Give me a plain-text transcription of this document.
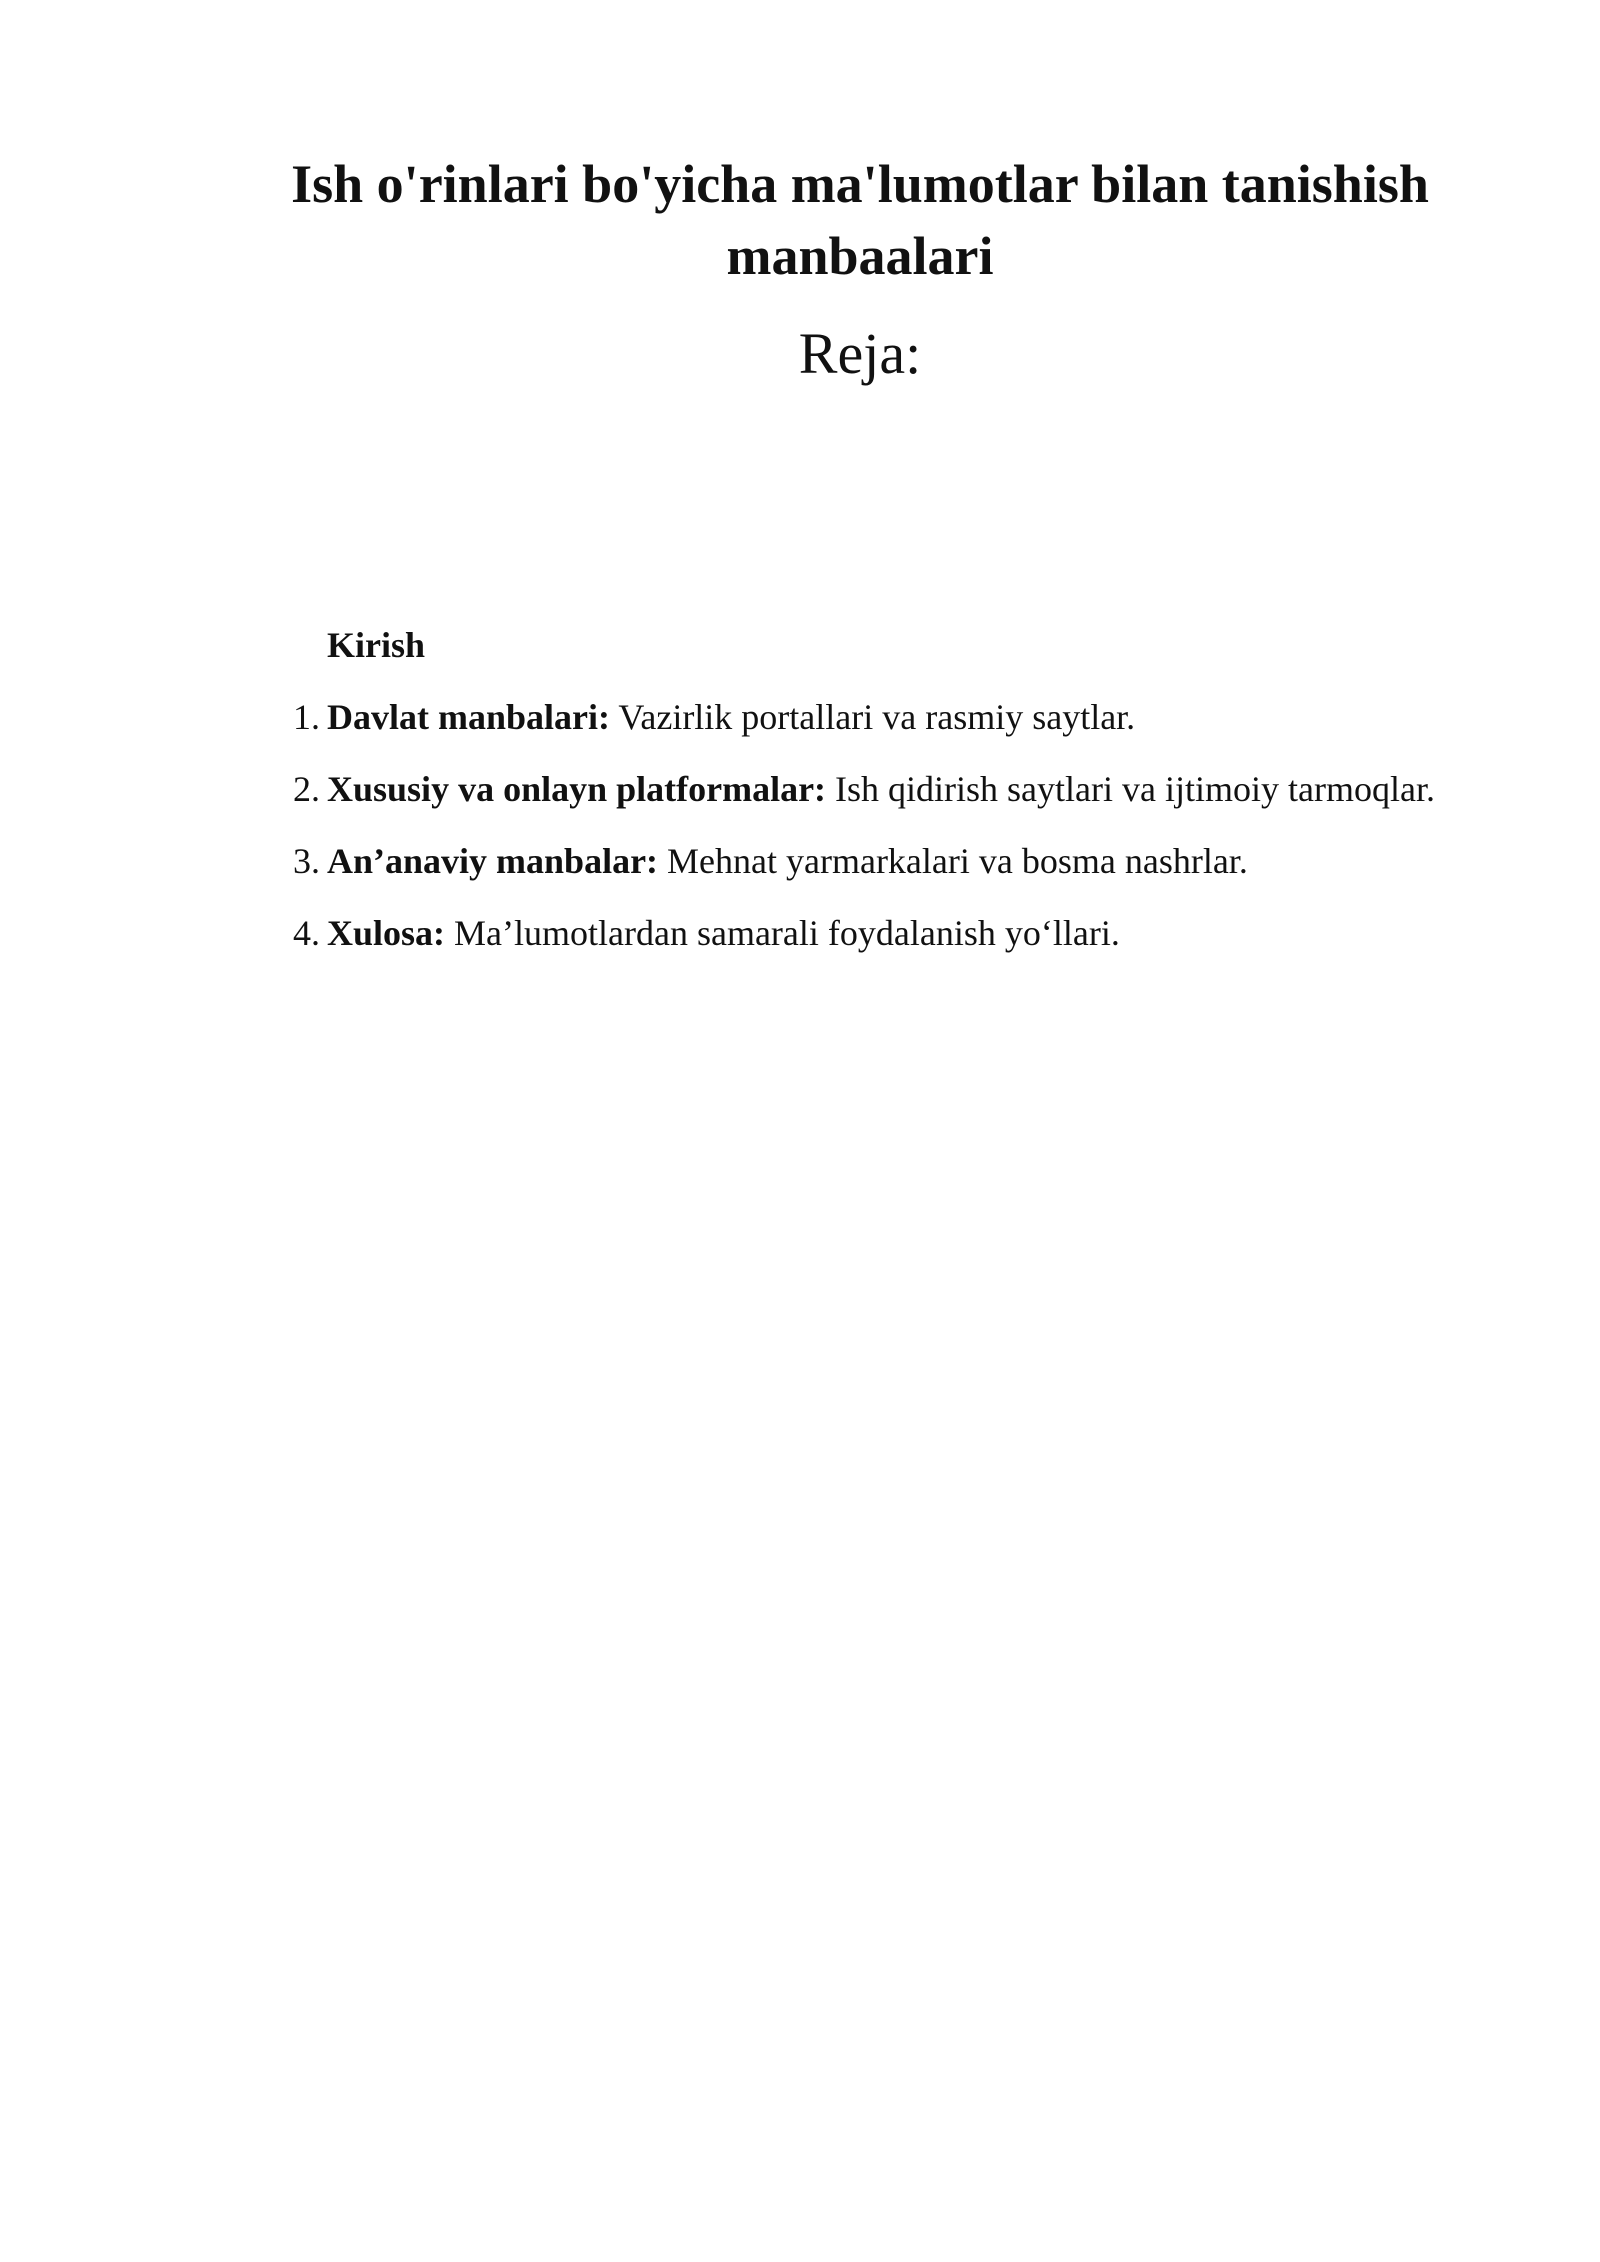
Ish o'rinlari bo'yicha ma'lumotlar bilan tanishish manbaalari
Reja:

Kirish

1. Davlat manbalari: Vazirlik portallari va rasmiy saytlar.
2. Xususiy va onlayn platformalar: Ish qidirish saytlari va ijtimoiy tarmoqlar.
3. An’anaviy manbalar: Mehnat yarmarkalari va bosma nashrlar.
4. Xulosa: Ma’lumotlardan samarali foydalanish yo‘llari.
